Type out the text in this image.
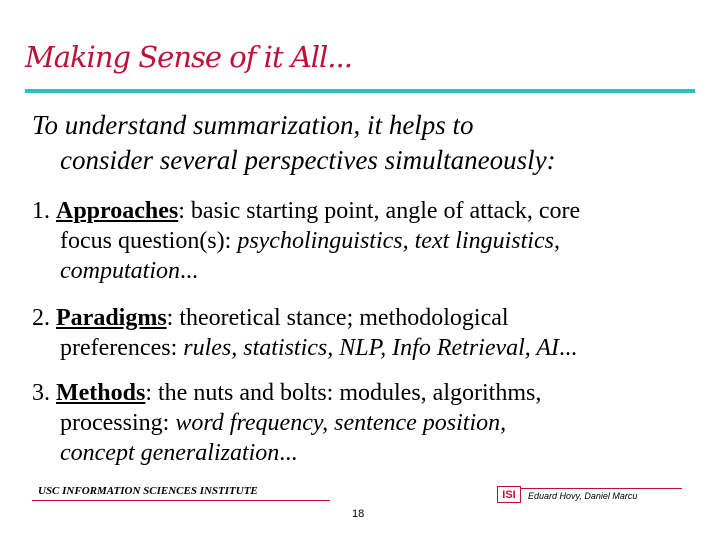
Making Sense of it All...
To understand summarization, it helps to
consider several perspectives simultaneously:
1. Approaches: basic starting point, angle of attack, core
focus question(s): psycholinguistics, text linguistics,
computation...
2. Paradigms: theoretical stance; methodological
preferences: rules, statistics, NLP, Info Retrieval, AI...
3. Methods: the nuts and bolts: modules, algorithms,
processing: word frequency, sentence position,
concept generalization...
USC INFORMATION SCIENCES INSTITUTE
18
ISI	Eduard Hovy, Daniel Marcu
